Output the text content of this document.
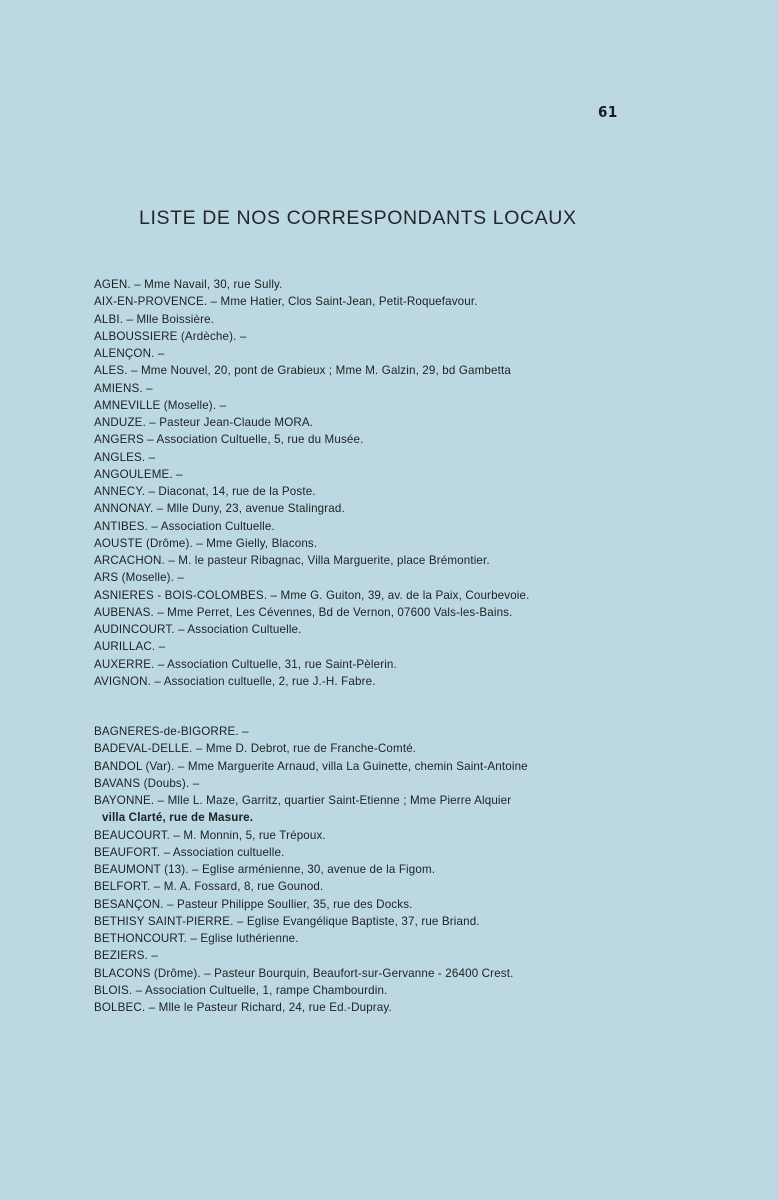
61
LISTE DE NOS CORRESPONDANTS LOCAUX
AGEN. – Mme Navail, 30, rue Sully.
AIX-EN-PROVENCE. – Mme Hatier, Clos Saint-Jean, Petit-Roquefavour.
ALBI. – Mlle Boissière.
ALBOUSSIERE (Ardèche). –
ALENÇON. –
ALES. – Mme Nouvel, 20, pont de Grabieux ; Mme M. Galzin, 29, bd Gambetta
AMIENS. –
AMNEVILLE (Moselle). –
ANDUZE. – Pasteur Jean-Claude MORA.
ANGERS – Association Cultuelle, 5, rue du Musée.
ANGLES. –
ANGOULEME. –
ANNECY. – Diaconat, 14, rue de la Poste.
ANNONAY. – Mlle Duny, 23, avenue Stalingrad.
ANTIBES. – Association Cultuelle.
AOUSTE (Drôme). – Mme Gielly, Blacons.
ARCACHON. – M. le pasteur Ribagnac, Villa Marguerite, place Brémontier.
ARS (Moselle). –
ASNIERES - BOIS-COLOMBES. – Mme G. Guiton, 39, av. de la Paix, Courbevoie.
AUBENAS. – Mme Perret, Les Cévennes, Bd de Vernon, 07600 Vals-les-Bains.
AUDINCOURT. – Association Cultuelle.
AURILLAC. –
AUXERRE. – Association Cultuelle, 31, rue Saint-Pèlerin.
AVIGNON. – Association cultuelle, 2, rue J.-H. Fabre.
BAGNERES-de-BIGORRE. –
BADEVAL-DELLE. – Mme D. Debrot, rue de Franche-Comté.
BANDOL (Var). – Mme Marguerite Arnaud, villa La Guinette, chemin Saint-Antoine
BAVANS (Doubs). –
BAYONNE. – Mlle L. Maze, Garritz, quartier Saint-Etienne ; Mme Pierre Alquier
villa Clarté, rue de Masure.
BEAUCOURT. – M. Monnin, 5, rue Trépoux.
BEAUFORT. – Association cultuelle.
BEAUMONT (13). – Eglise arménienne, 30, avenue de la Figom.
BELFORT. – M. A. Fossard, 8, rue Gounod.
BESANÇON. – Pasteur Philippe Soullier, 35, rue des Docks.
BETHISY SAINT-PIERRE. – Eglise Evangélique Baptiste, 37, rue Briand.
BETHONCOURT. – Eglise luthérienne.
BEZIERS. –
BLACONS (Drôme). – Pasteur Bourquin, Beaufort-sur-Gervanne - 26400 Crest.
BLOIS. – Association Cultuelle, 1, rampe Chambourdin.
BOLBEC. – Mlle le Pasteur Richard, 24, rue Ed.-Dupray.
